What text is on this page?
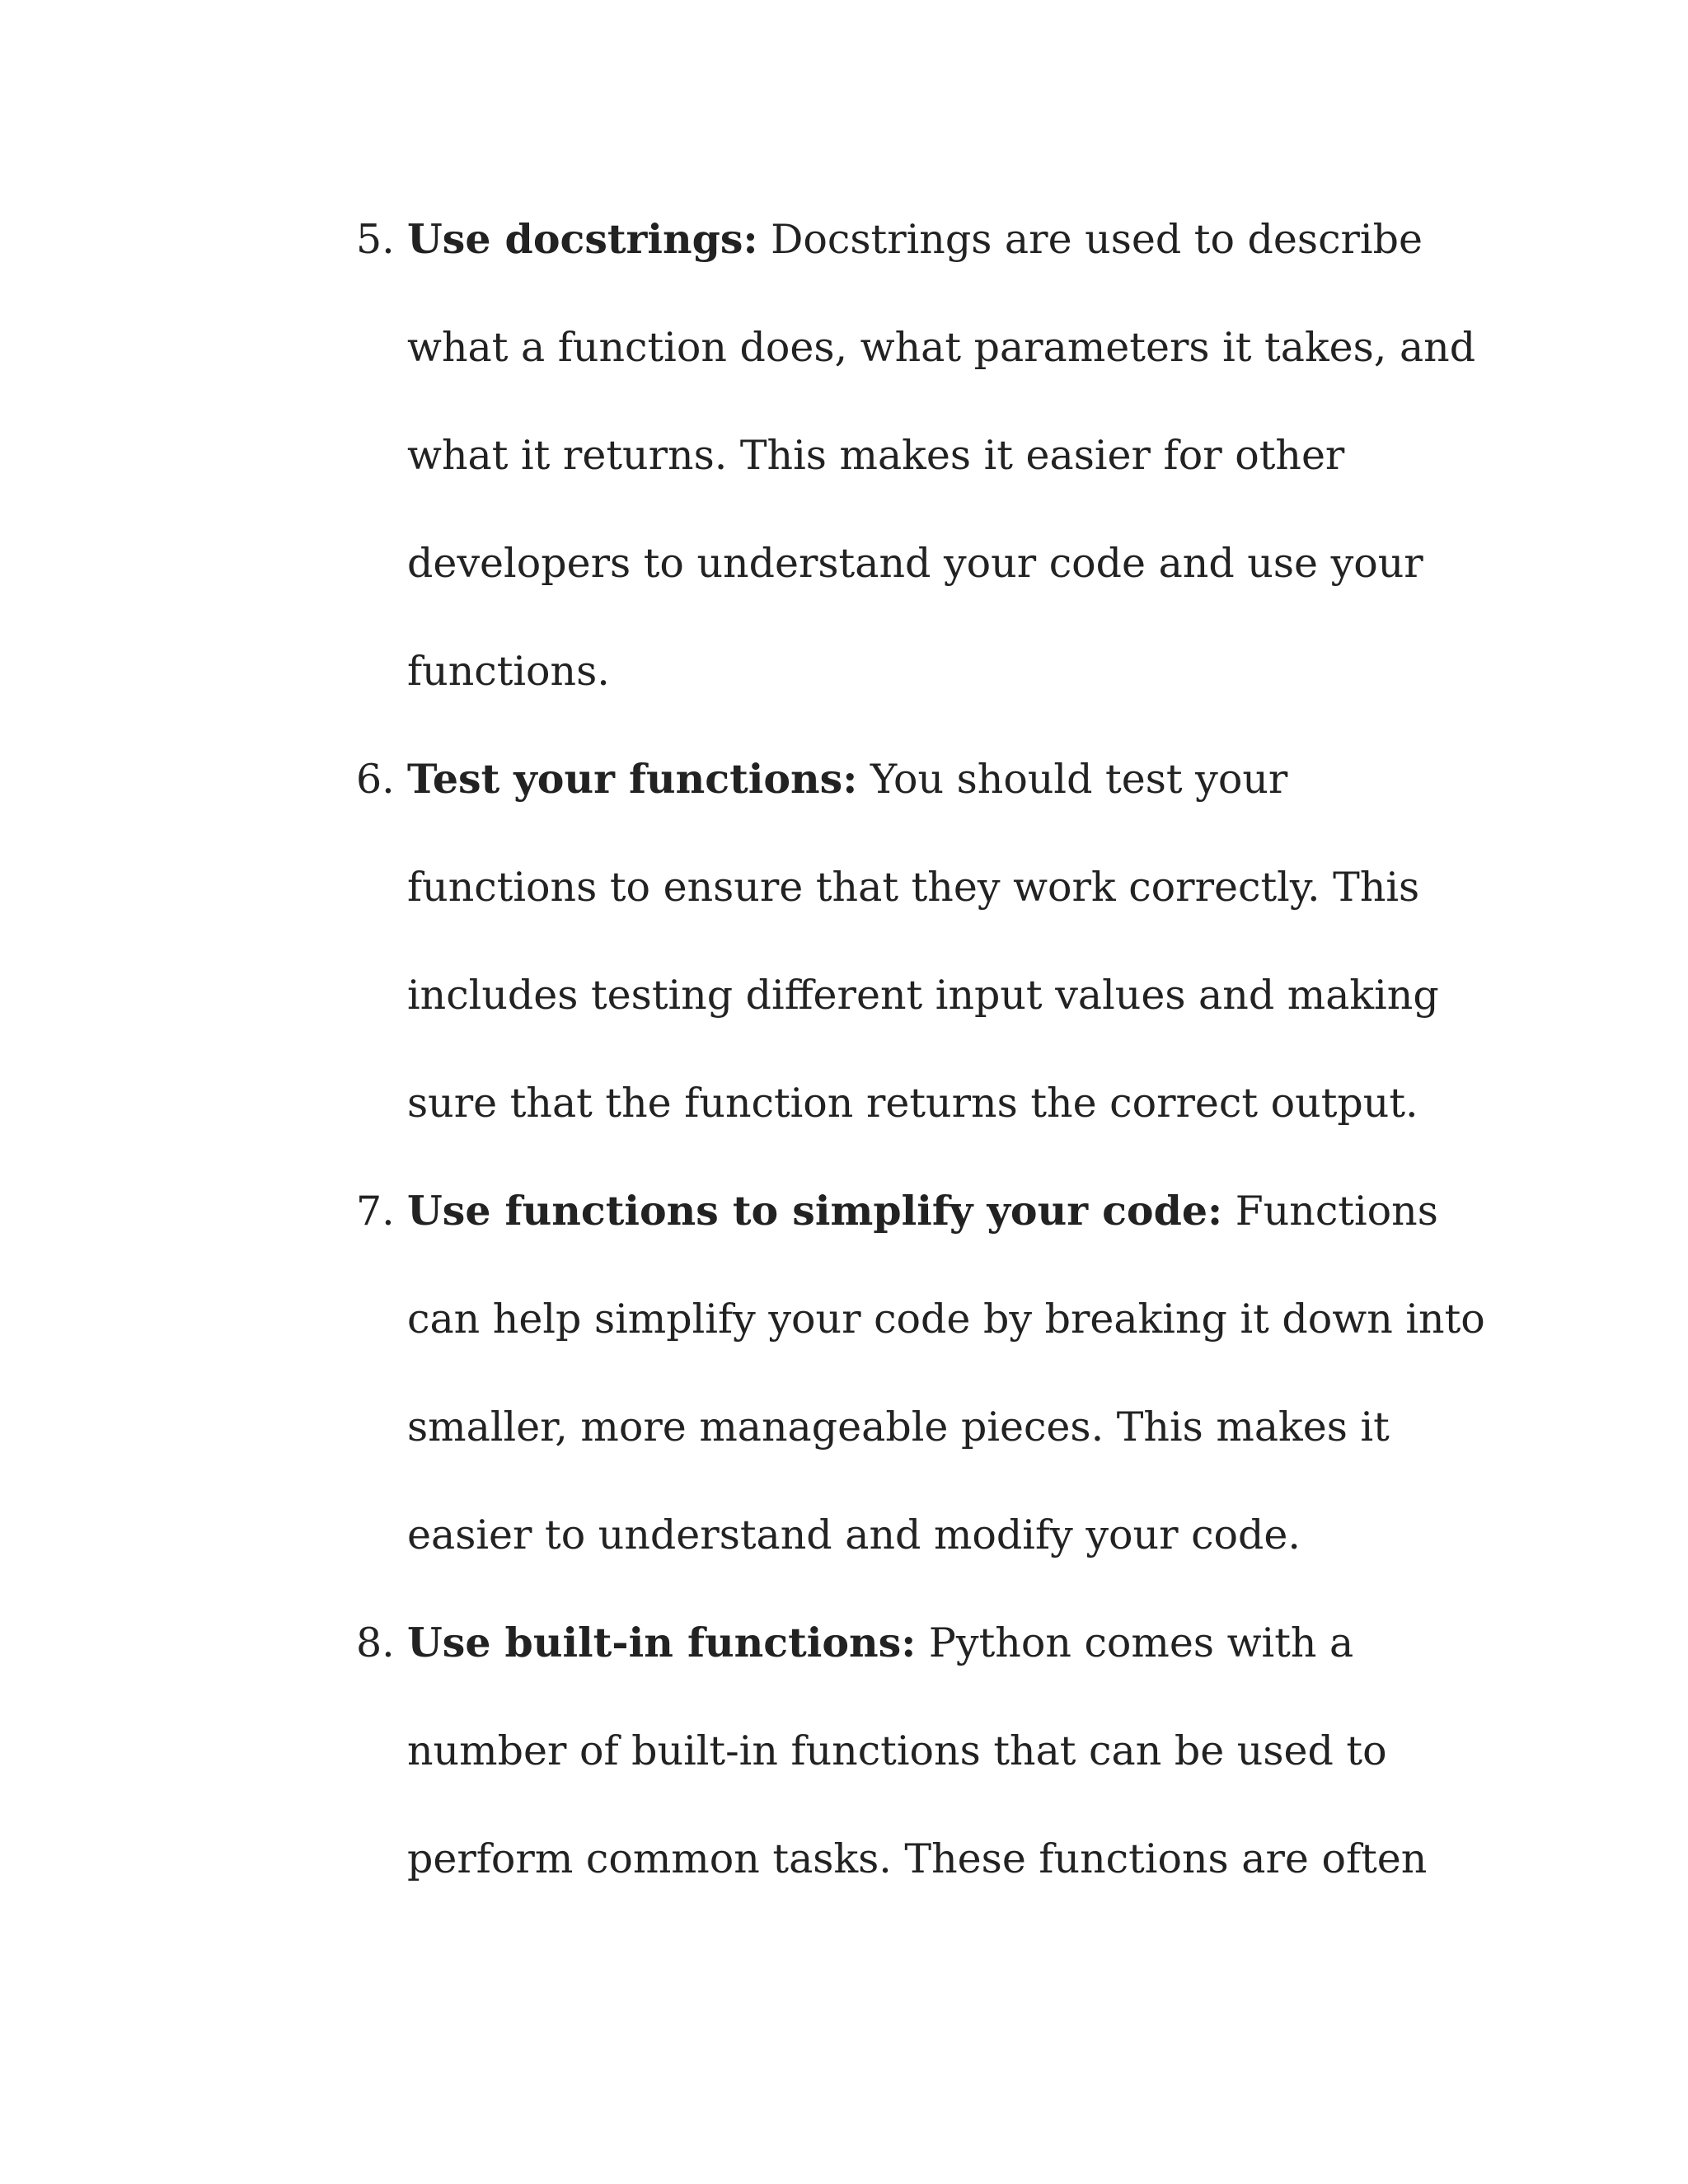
5. Use docstrings: Docstrings are used to describe
what a function does, what parameters it takes, and
what it returns. This makes it easier for other
developers to understand your code and use your
functions.
6. Test your functions: You should test your
functions to ensure that they work correctly. This
includes testing different input values and making
sure that the function returns the correct output.
7. Use functions to simplify your code: Functions
can help simplify your code by breaking it down into
smaller, more manageable pieces. This makes it
easier to understand and modify your code.
8. Use built-in functions: Python comes with a
number of built-in functions that can be used to
perform common tasks. These functions are often
